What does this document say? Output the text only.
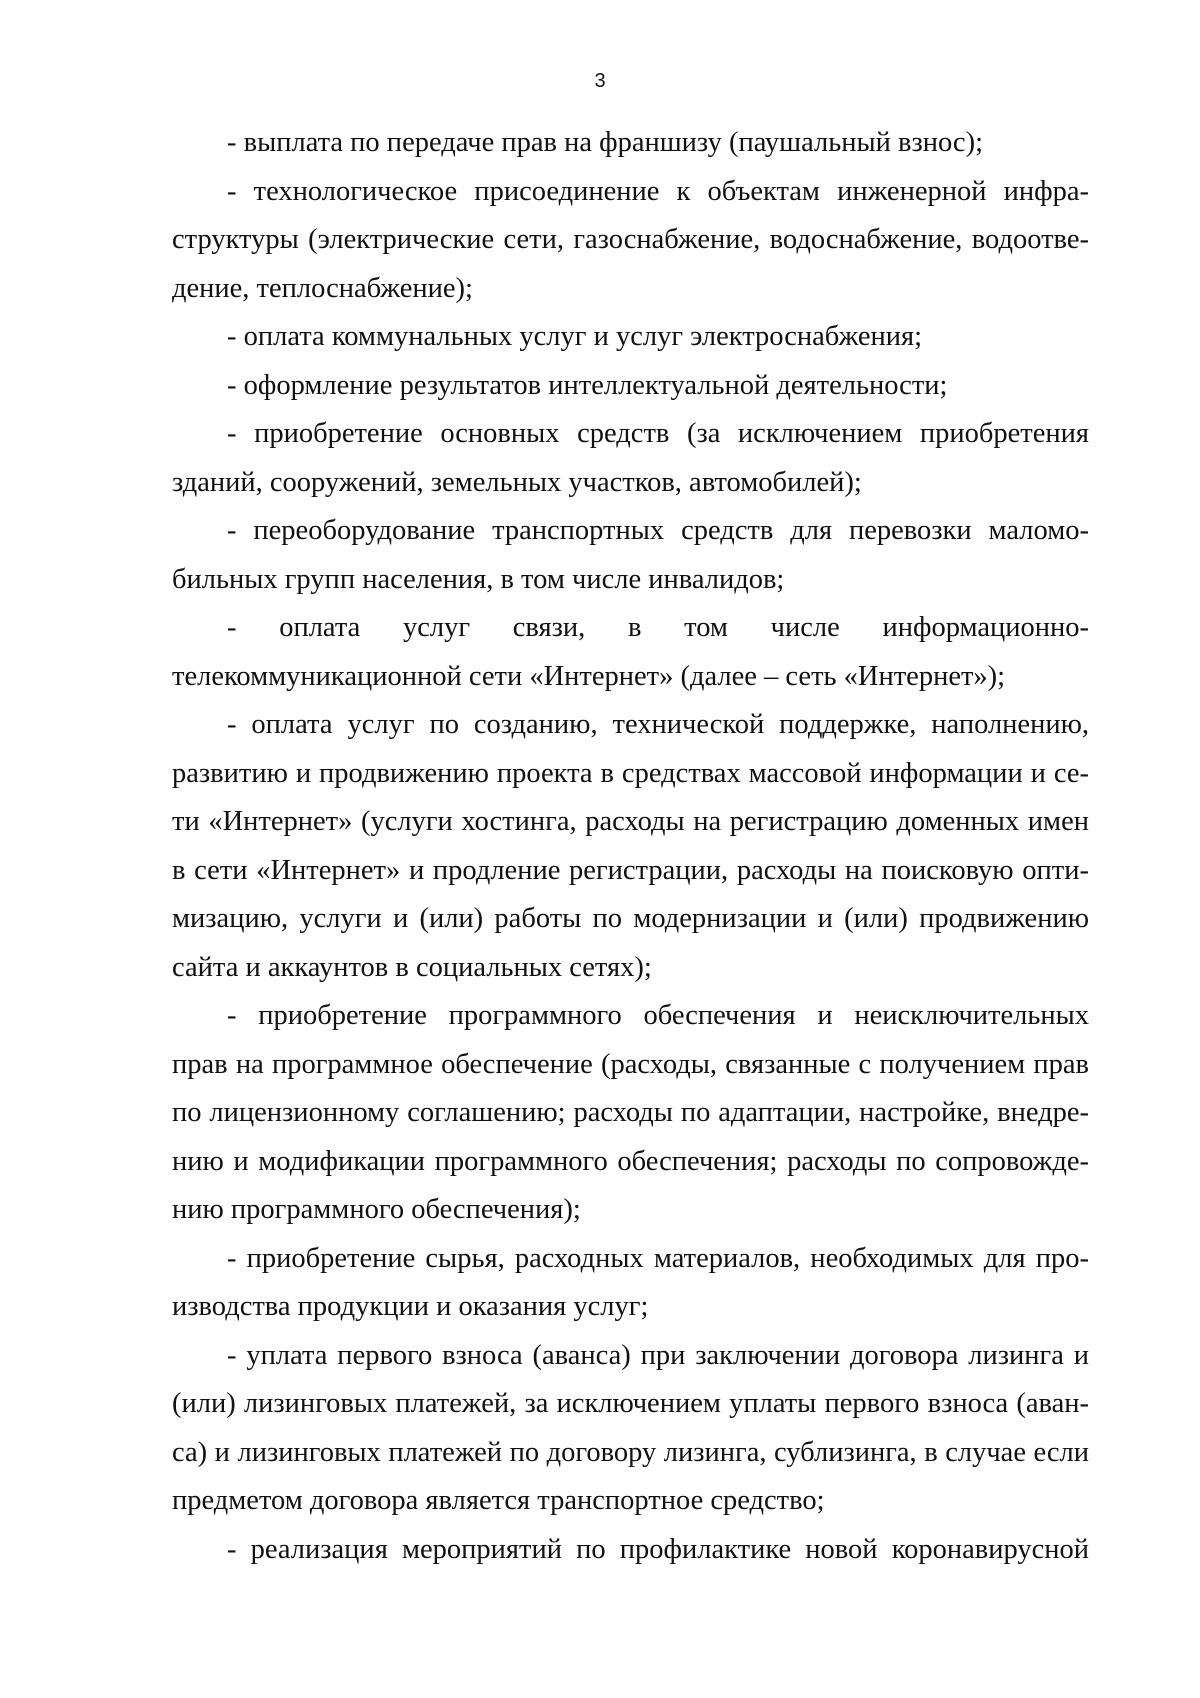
3
- выплата по передаче прав на франшизу (паушальный взнос);
- технологическое присоединение к объектам инженерной инфра-
структуры (электрические сети, газоснабжение, водоснабжение, водоотве-
дение, теплоснабжение);
- оплата коммунальных услуг и услуг электроснабжения;
- оформление результатов интеллектуальной деятельности;
- приобретение основных средств (за исключением приобретения
зданий, сооружений, земельных участков, автомобилей);
- переоборудование транспортных средств для перевозки маломо-
бильных групп населения, в том числе инвалидов;
- оплата услуг связи, в том числе информационно-
телекоммуникационной сети «Интернет» (далее – сеть «Интернет»);
- оплата услуг по созданию, технической поддержке, наполнению,
развитию и продвижению проекта в средствах массовой информации и се-
ти «Интернет» (услуги хостинга, расходы на регистрацию доменных имен
в сети «Интернет» и продление регистрации, расходы на поисковую опти-
мизацию, услуги и (или) работы по модернизации и (или) продвижению
сайта и аккаунтов в социальных сетях);
- приобретение программного обеспечения и неисключительных
прав на программное обеспечение (расходы, связанные с получением прав
по лицензионному соглашению; расходы по адаптации, настройке, внедре-
нию и модификации программного обеспечения; расходы по сопровожде-
нию программного обеспечения);
- приобретение сырья, расходных материалов, необходимых для про-
изводства продукции и оказания услуг;
- уплата первого взноса (аванса) при заключении договора лизинга и
(или) лизинговых платежей, за исключением уплаты первого взноса (аван-
са) и лизинговых платежей по договору лизинга, сублизинга, в случае если
предметом договора является транспортное средство;
- реализация мероприятий по профилактике новой коронавирусной
